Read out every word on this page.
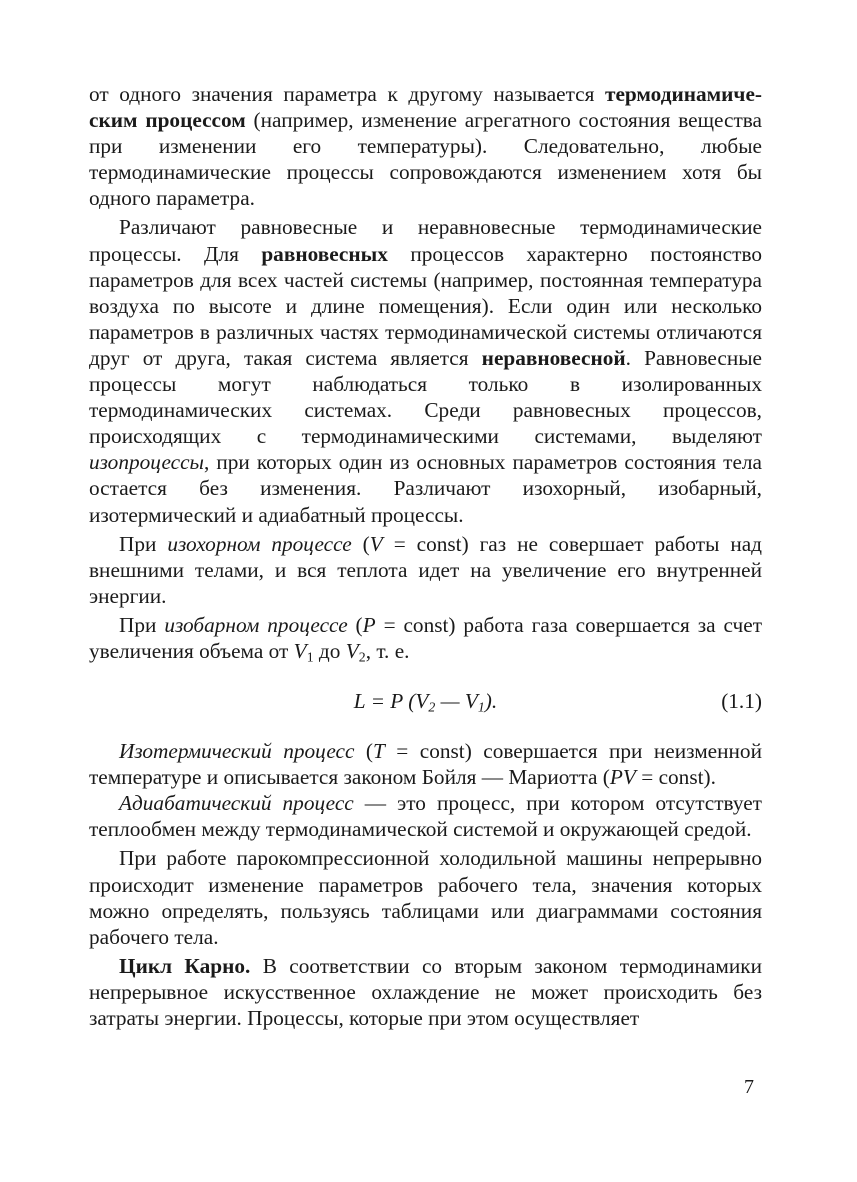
от одного значения параметра к другому называется термодинамическим процессом (например, изменение агрегатного состояния вещества при изменении его температуры). Следовательно, любые термодинамические процессы сопровождаются изменением хотя бы одного параметра.

Различают равновесные и неравновесные термодинамические процессы. Для равновесных процессов характерно постоянство параметров для всех частей системы (например, постоянная температура воздуха по высоте и длине помещения). Если один или несколько параметров в различных частях термодинамической системы отличаются друг от друга, такая система является неравновесной. Равновесные процессы могут наблюдаться только в изолированных термодинамических системах. Среди равновесных процессов, происходящих с термодинамическими системами, выделяют изопроцессы, при которых один из основных параметров состояния тела остается без изменения. Различают изохорный, изобарный, изотермический и адиабатный процессы.

При изохорном процессе (V = const) газ не совершает работы над внешними телами, и вся теплота идет на увеличение его внутренней энергии.

При изобарном процессе (P = const) работа газа совершается за счет увеличения объема от $V_1$ до $V_2$, т. е.

L = P ($V_2$ — $V_1$).	(1.1)

Изотермический процесс (T = const) совершается при неизменной температуре и описывается законом Бойля — Мариотта (PV = const).

Адиабатический процесс — это процесс, при котором отсутствует теплообмен между термодинамической системой и окружающей средой.

При работе парокомпрессионной холодильной машины непрерывно происходит изменение параметров рабочего тела, значения которых можно определять, пользуясь таблицами или диаграммами состояния рабочего тела.

Цикл Карно. В соответствии со вторым законом термодинамики непрерывное искусственное охлаждение не может происходить без затраты энергии. Процессы, которые при этом осуществляет

7
